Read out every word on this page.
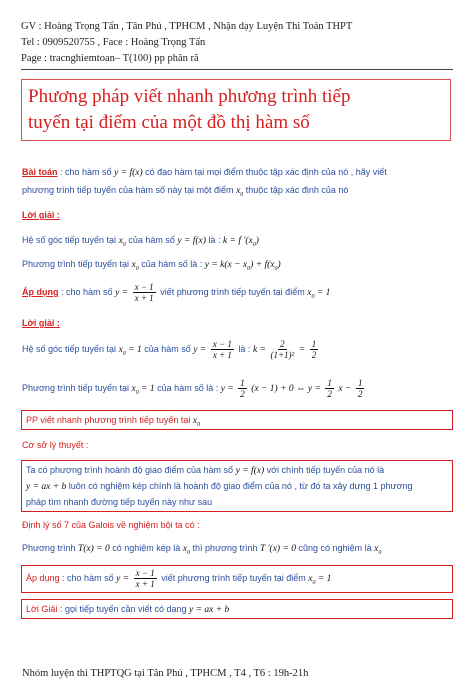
GV : Hoàng Trọng Tấn , Tân Phú , TPHCM , Nhận dạy Luyện Thi Toán THPT
Tel : 0909520755 , Face : Hoàng Trọng Tấn
Page : tracnghiemtoan– T(100) pp phân rã
Phương pháp viết nhanh phương trình tiếp
tuyến tại điểm của một đồ thị hàm số
Bài toán : cho hàm số y = f(x) có đạo hàm tại mọi điểm thuộc tập xác định của nó , hãy viết
phương trình tiếp tuyến của hàm số này tại một điểm $x_0$ thuộc tập xác định của nó
Lời giải :
Hệ số góc tiếp tuyến tại $x_0$ của hàm số y = f(x) là : k = f '$(x_0)$
Phương trình tiếp tuyến tại $x_0$ của hàm số là : $y = k(x - x_0) + f(x_0)$
Áp dụng : cho hàm số $y = \frac{x - 1}{x + 1}$ viết phương trình tiếp tuyến tại điểm $x_0 = 1$
Lời giải :
Hệ số góc tiếp tuyến tại $x_0 = 1$ của hàm số $y = \frac{x - 1}{x + 1}$ là : $k = \frac{2}{\text{(1+1)²}} = \frac{1}{2}$
Phương trình tiếp tuyến tại $x_0 = 1$ của hàm số là : $y = \frac{1}{2} (x - 1) + 0$ ⇔ $y = \frac{1}{2}$ $x - \frac{1}{2}$
PP viết nhanh phương trình tiếp tuyến tại $x_0$
Cơ sở lý thuyết :
Ta có phương trình hoành độ giao điểm của hàm số y = f(x) với chính tiếp tuyến của nó là
y = ax + b luôn có nghiệm kép chính là hoành độ giao điểm của nó , từ đó ta xây dựng 1 phương
pháp tìm nhanh đường tiếp tuyến này như sau
Định lý số 7 của Galois về nghiệm bội ta có :
Phương trình T(x) = 0 có nghiệm kép là $x_0$ thì phương trình T '(x) = 0 cũng có nghiệm là $x_0$
Áp dụng : cho hàm số $y = \frac{x - 1}{x + 1}$ viết phương trình tiếp tuyến tại điểm $x_0 = 1$
Lời Giải : gọi tiếp tuyến cần viết có dạng y = ax + b
Nhóm luyện thi THPTQG tại Tân Phú , TPHCM , T4 , T6 : 19h-21h
